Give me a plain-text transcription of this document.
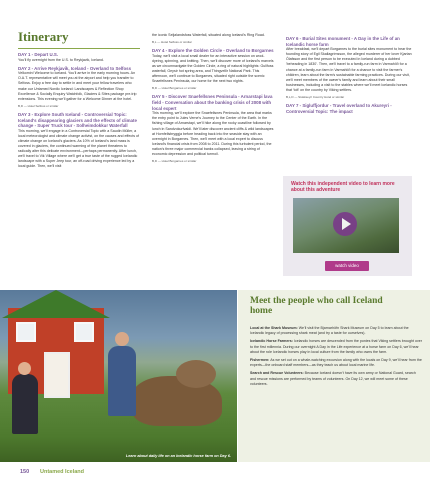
Itinerary
DAY 1 - Depart U.S.
You'll fly overnight from the U.S. to Reykjavik, Iceland.
DAY 2 - Arrive Reykjavik, Iceland - Overland to Selfoss
Velkomin! Welcome to Iceland. You'll arrive in the early morning hours. An O.A.T. representative will meet you at the airport and help you transfer to Selfoss. Enjoy a free day to settle in and meet your fellow travelers who make our Untamed Nordic Iceland: Landscapes & Reflection Shop Excellence & Socially Enquiry Watchfolk, Glaciers & Sites package pre-trip extensions. This evening we'll gather for a Welcome Dinner at the hotel.
B,D — Hotel Selfoss or similar
DAY 3 - Explore South Iceland - Controversial Topic: Iceland's disappearing glaciers and the effects of climate change - Super Truck tour - Solheimdokkur Waterfall
This morning, we'll engage in a Controversial Topic with a Saudin Müller, a local meteorologist and climate change activist, on the causes and effects of climate change on Iceland's glaciers. As 10% of Iceland's land mass is covered in glaciers, the continued warming of the planet threatens to radically alter this delicate environment—perhaps permanently. After lunch, we'll travel to Vik Village where we'll get a true taste of the rugged Icelandic landscape with a Super Jeep tour, an off-road driving experience led by a local guide. Then, we'll visit
the iconic Seljalandsfoss Waterfall, situated along Iceland's Ring Road.
B,L — Hotel Selfoss or similar
DAY 4 - Explore the Golden Circle - Overland to Borgarnes
Today, we'll visit a local small dealer for an interactive session on wool-dyeing, spinning, and knitting. Then, we'll discover more of Iceland's marvels as we circumnavigate the Golden Circle, a ring of natural highlights: Gullfoss waterfall, Geysir hot spring area, and Thingvellir National Park. This afternoon, we'll continue to Borgarnes, situated right outside the scenic Snaefellsnes Peninsula, our home for the next two nights.
B,D — Hotel Borgarnes or similar
DAY 5 - Discover Snaefellsnes Peninsula - Arnarstapi lava field - Conversation about the banking crisis of 2008 with local expert
This morning, we'll explore the Snaefellsnes Peninsula, the area that marks the entry point to Jules Verne's Journey to the Center of the Earth. In the fishing village of Arnarstapi, we'll hike along the rocky coastline followed by lunch in Sandvokurfvaldi. We'll later discover ancient cliffs & wild landscapes at Hornfellsbryggja before heading back into the seaside stay with an overnight in Borgarnes. Then, we'll meet with a local expert to discuss Iceland's financial crisis from 2008 to 2011. During this turbulent period, the nation's three major commercial banks collapsed, leaving a string of economic depression and political turmoil.
B,D — Hotel Borgarnes or similar
DAY 6 - Burial Sites monument - A Day in the Life of an Icelandic horse farm
After breakfast, we'll depart Borgarnes to the burial sites monument to hear the founding story of Egil Skallagrímsson, the alleged murderer of her lover Kjartan Ólafsson and the first person to be executed in Iceland during a dubbed 'beheading in 1830'. Then, we'll travel to a family-run farm in Varmahlíð for a chance at a family-run farm in Varmahlíð for a chance to visit the farmer's children, learn about the farm's sustainable farming practices. During our visit, we'll meet members of the owner's family and learn about their small businesses, including a visit to the stables where we'll meet Icelandic horses that 'tolt' on the country by Viking settlers.
B,L,D — Stokkseyri Country Hotel or similar
DAY 7 - Sigluffjordur - Travel overland to Akureyri - Controversial Topic: The impact
Watch this independent video to learn more about this adventure
watch video
Learn about daily life on an Icelandic horse farm on Day 6.
Meet the people who call Iceland home
Local at the Shark Museum: We'll visit the Bjarnarhöfn Shark Museum on Day 5 to learn about the Icelandic legacy of processing shark meat (and try a taste for ourselves).
Icelandic Horse Farmers: Icelandic horses are descended from the ponies that Viking settlers brought over to the first millennia. During our overnight A Day in the Life experience at a horse farm on Day 6, we'll hear about the role Icelandic horses play in local culture from the family who owns the farm.
Fishermen: As we set out on a whale-watching excursion along with the locals on Day 9, we'll hear from the experts—the onboard staff members—as they teach us about local marine life.
Search and Rescue Volunteers: Because Iceland doesn't have its own army or National Guard, search and rescue missions are performed by teams of volunteers. On Day 12, we will meet some of these volunteers.
150 Untamed Iceland
